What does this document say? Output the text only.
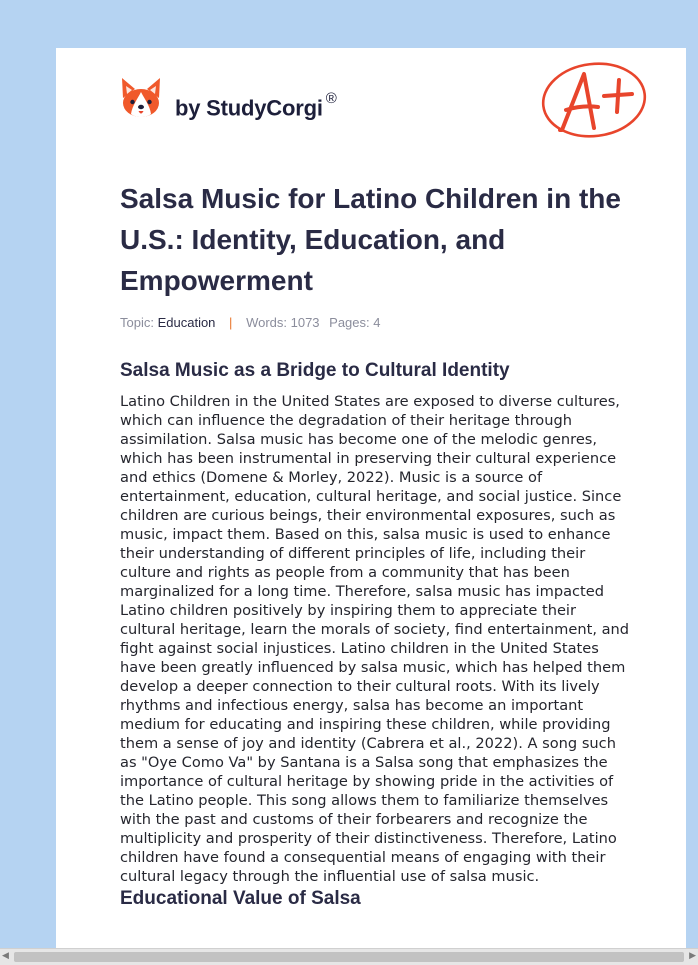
by StudyCorgi ®
Salsa Music for Latino Children in the U.S.: Identity, Education, and Empowerment
Topic: Education | Words: 1073 Pages: 4
Salsa Music as a Bridge to Cultural Identity

Latino Children in the United States are exposed to diverse cultures, which can influence the degradation of their heritage through assimilation. Salsa music has become one of the melodic genres, which has been instrumental in preserving their cultural experience and ethics (Domene & Morley, 2022). Music is a source of entertainment, education, cultural heritage, and social justice. Since children are curious beings, their environmental exposures, such as music, impact them. Based on this, salsa music is used to enhance their understanding of different principles of life, including their culture and rights as people from a community that has been marginalized for a long time. Therefore, salsa music has impacted Latino children positively by inspiring them to appreciate their cultural heritage, learn the morals of society, find entertainment, and fight against social injustices. Latino children in the United States have been greatly influenced by salsa music, which has helped them develop a deeper connection to their cultural roots. With its lively rhythms and infectious energy, salsa has become an important medium for educating and inspiring these children, while providing them a sense of joy and identity (Cabrera et al., 2022). A song such as "Oye Como Va" by Santana is a Salsa song that emphasizes the importance of cultural heritage by showing pride in the activities of the Latino people. This song allows them to familiarize themselves with the past and customs of their forbearers and recognize the multiplicity and prosperity of their distinctiveness. Therefore, Latino children have found a consequential means of engaging with their cultural legacy through the influential use of salsa music.

Educational Value of Salsa
◀	▶
